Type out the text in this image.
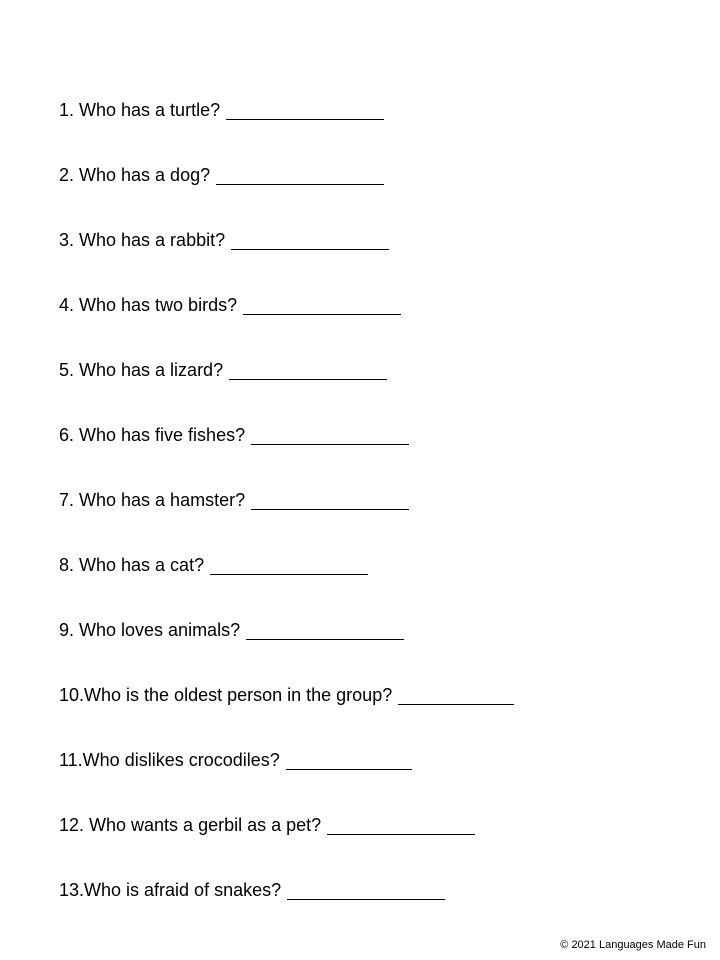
1. Who has a turtle?
2. Who has a dog?
3. Who has a rabbit?
4. Who has two birds?
5. Who has a lizard?
6. Who has five fishes?
7. Who has a hamster?
8. Who has a cat?
9. Who loves animals?
10.Who is the oldest person in the group?
11.Who dislikes crocodiles?
12. Who wants a gerbil as a pet?
13.Who is afraid of snakes?
© 2021 Languages Made Fun
